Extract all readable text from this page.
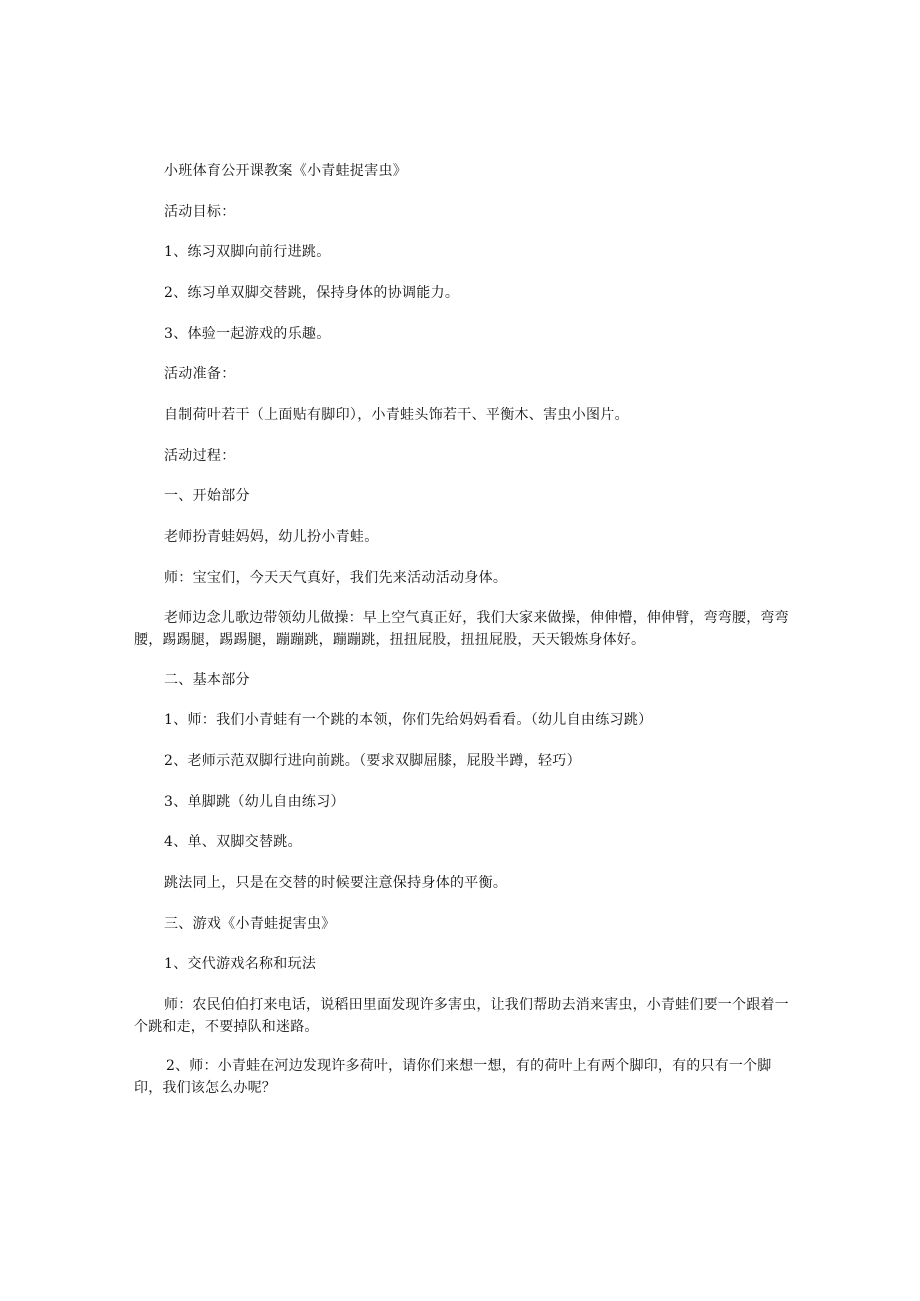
小班体育公开课教案《小青蛙捉害虫》
活动目标：
1、练习双脚向前行进跳。
2、练习单双脚交替跳，保持身体的协调能力。
3、体验一起游戏的乐趣。
活动准备：
自制荷叶若干（上面贴有脚印），小青蛙头饰若干、平衡木、害虫小图片。
活动过程：
一、开始部分
老师扮青蛙妈妈，幼儿扮小青蛙。
师：宝宝们，今天天气真好，我们先来活动活动身体。
老师边念儿歌边带领幼儿做操：早上空气真正好，我们大家来做操，伸伸懵，伸伸臂，弯弯腰，弯弯腰，踢踢腿，踢踢腿，蹦蹦跳，蹦蹦跳，扭扭屁股，扭扭屁股，天天锻炼身体好。
二、基本部分
1、师：我们小青蛙有一个跳的本领，你们先给妈妈看看。（幼儿自由练习跳）
2、老师示范双脚行进向前跳。（要求双脚屈膝，屁股半蹲，轻巧）
3、单脚跳（幼儿自由练习）
4、单、双脚交替跳。
跳法同上，只是在交替的时候要注意保持身体的平衡。
三、游戏《小青蛙捉害虫》
1、交代游戏名称和玩法
师：农民伯伯打来电话，说稻田里面发现许多害虫，让我们帮助去消来害虫，小青蛙们要一个跟着一个跳和走，不要掉队和迷路。
2、师：小青蛙在河边发现许多荷叶，请你们来想一想，有的荷叶上有两个脚印，有的只有一个脚印，我们该怎么办呢？
